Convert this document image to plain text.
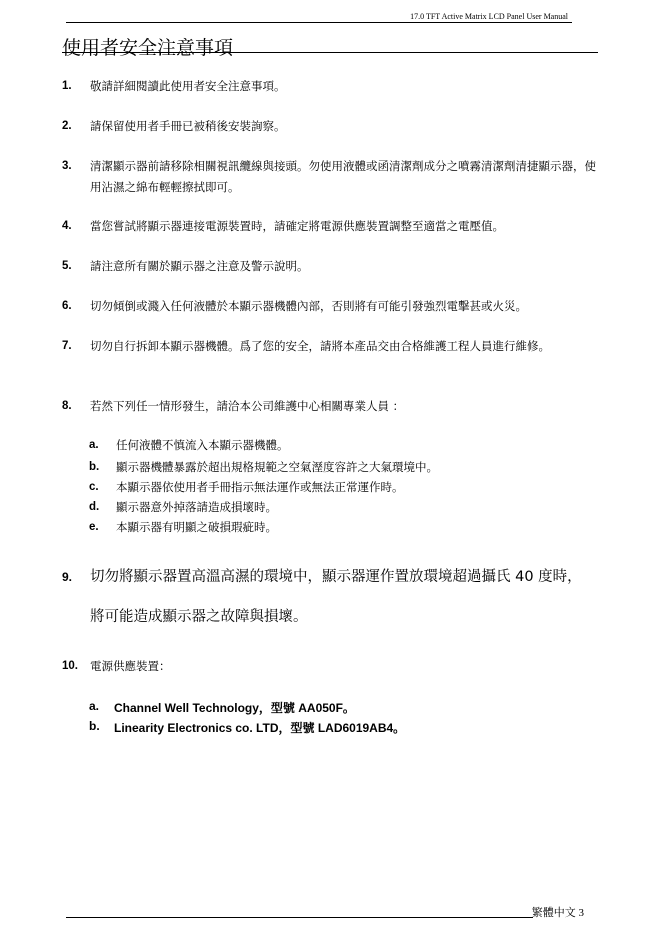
17.0 TFT Active Matrix LCD Panel User Manual
使用者安全注意事項
1. 敬請詳細閱讀此使用者安全注意事項。
2. 請保留使用者手冊已被稍後安裝詢察。
3. 清潔顯示器前請移除相關視訊纜線與接頭。勿使用液體或函清潔劑成分之噴霧清潔劑清捷顯示器，使用沾濕之綿布輕輕擦拭即可。
4. 當您嘗試將顯示器連接電源裝置時，請確定將電源供應裝置調整至適當之電壓值。
5. 請注意所有關於顯示器之注意及警示說明。
6. 切勿傾倒或濺入任何液體於本顯示器機體內部，否則將有可能引發強烈電擊甚或火災。
7. 切勿自行拆卸本顯示器機體。爲了您的安全，請將本產品交由合格維護工程人員進行維修。
8. 若然下列任一情形發生，請洽本公司維護中心相關專業人員 ：
a. 任何液體不慎流入本顯示器機體。
b. 顯示器機體暴露於超出規格規範之空氣溼度容許之大氣環境中。
c. 本顯示器依使用者手冊指示無法運作或無法正常運作時。
d. 顯示器意外掉落請造成損壞時。
e. 本顯示器有明顯之破損瑕疵時。
9. 切勿將顯示器置高溫高濕的環境中，顯示器運作置放環境超過攝氏 40 度時，將可能造成顯示器之故障與損壞。
10. 電源供應裝置：
a. Channel Well Technology，型號 AA050F。
b. Linearity Electronics co. LTD，型號 LAD6019AB4。
繁體中文 3
